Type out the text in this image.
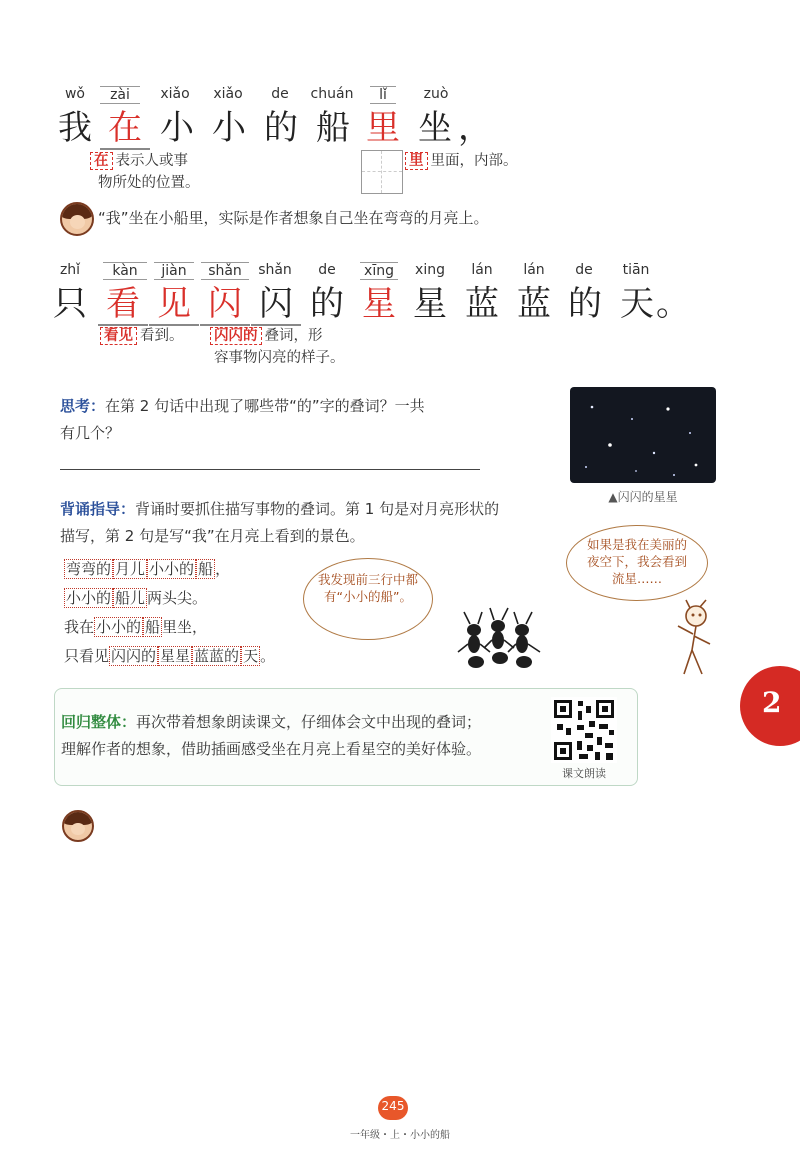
wǒ	zài	xiǎo	xiǎo	de	chuán	lǐ	zuò
我 在 小 小 的 船 里 坐 ，
在 表示人或事
物所处的位置。
里 里面，内部。
“我”坐在小船里，实际是作者想象自己坐在弯弯的月亮上。
zhǐ	kàn	jiàn	shǎn	shǎn	de	xīng	xing	lán	lán	de	tiān
只 看 见 闪 闪 的 星 星 蓝 蓝 的 天 。
看见 看到。	闪闪的 叠词，形
容事物闪亮的样子。
思考：在第 2 句话中出现了哪些带“的”字的叠词？一共
有几个？
▲闪闪的星星
背诵指导：背诵时要抓住描写事物的叠词。第 1 句是对月亮形状的
描写，第 2 句是写“我”在月亮上看到的景色。
弯弯的 月儿 小小的 船 ，
小小的 船儿 两头尖。
我在 小小的 船 里坐，
只看见 闪闪的 星星 蓝蓝的 天 。
我发现前三行中都有“小小的船”。
如果是我在美丽的夜空下，我会看到流星……
2
回归整体：再次带着想象朗读课文，仔细体会文中出现的叠词；
理解作者的想象，借助插画感受坐在月亮上看星空的美好体验。
课文朗读
245
一年级・上・小小的船
